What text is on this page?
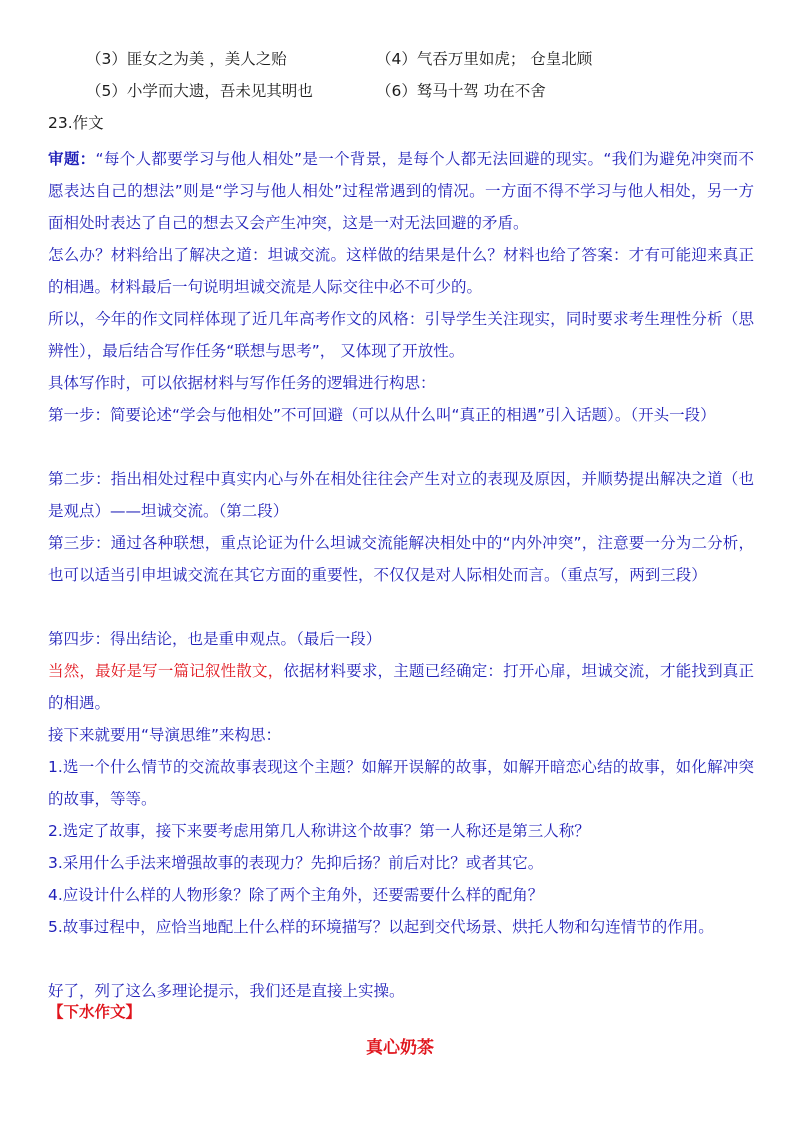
（3）匪女之为美 ，美人之贻	（4）气吞万里如虎； 仓皇北顾
（5）小学而大遗，吾未见其明也	（6）驽马十驾 功在不舍
23.作文
审题：“每个人都要学习与他人相处”是一个背景，是每个人都无法回避的现实。“我们为避免冲突而不愿表达自己的想法”则是“学习与他人相处”过程常遇到的情况。一方面不得不学习与他人相处，另一方面相处时表达了自己的想去又会产生冲突，这是一对无法回避的矛盾。
怎么办？材料给出了解决之道：坦诚交流。这样做的结果是什么？材料也给了答案：才有可能迎来真正的相遇。材料最后一句说明坦诚交流是人际交往中必不可少的。
所以，今年的作文同样体现了近几年高考作文的风格：引导学生关注现实，同时要求考生理性分析（思辨性），最后结合写作任务“联想与思考”， 又体现了开放性。
具体写作时，可以依据材料与写作任务的逻辑进行构思：
第一步：简要论述“学会与他相处”不可回避（可以从什么叫“真正的相遇”引入话题）。（开头一段）
第二步：指出相处过程中真实内心与外在相处往往会产生对立的表现及原因，并顺势提出解决之道（也是观点）——坦诚交流。（第二段）
第三步：通过各种联想，重点论证为什么坦诚交流能解决相处中的“内外冲突”，注意要一分为二分析，也可以适当引申坦诚交流在其它方面的重要性，不仅仅是对人际相处而言。（重点写，两到三段）
第四步：得出结论，也是重申观点。（最后一段）
当然，最好是写一篇记叙性散文，依据材料要求，主题已经确定：打开心扉，坦诚交流，才能找到真正的相遇。
接下来就要用“导演思维”来构思：
1.选一个什么情节的交流故事表现这个主题？如解开误解的故事，如解开暗恋心结的故事，如化解冲突的故事，等等。
2.选定了故事，接下来要考虑用第几人称讲这个故事？第一人称还是第三人称？
3.采用什么手法来增强故事的表现力？先抑后扬？前后对比？或者其它。
4.应设计什么样的人物形象？除了两个主角外，还要需要什么样的配角？
5.故事过程中，应恰当地配上什么样的环境描写？以起到交代场景、烘托人物和勾连情节的作用。
好了，列了这么多理论提示，我们还是直接上实操。
【下水作文】
真心奶茶
